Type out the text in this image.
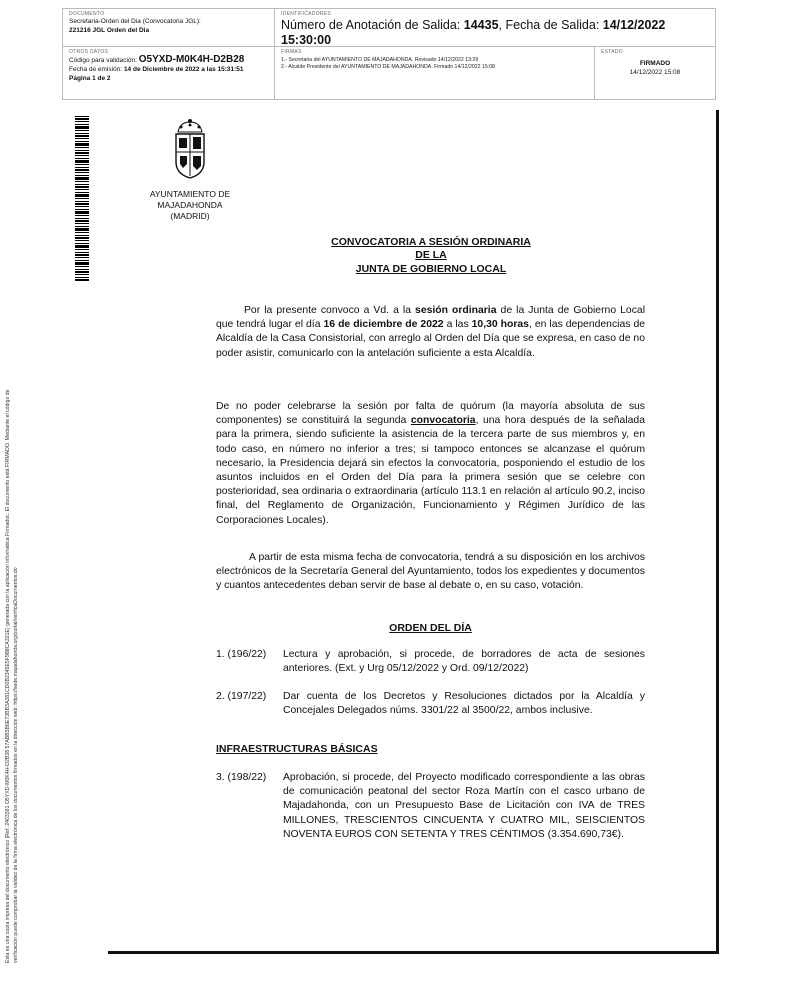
DOCUMENTO
Secretaria-Orden del Dia (Convocatoria JGL):
221216 JGL Orden del Dia
IDENTIFICADORES
Número de Anotación de Salida: 14435, Fecha de Salida: 14/12/2022 15:30:00
OTROS DATOS
Código para validación: O5YXD-M0K4H-D2B28
Fecha de emisión: 14 de Diciembre de 2022 a las 15:31:51
Página 1 de 2
FIRMAS
1.- Secretaria del AYUNTAMIENTO DE MAJADAHONDA. Revisado 14/12/2022 13:29
2.- Alcalde Presidente del AYUNTAMIENTO DE MAJADAHONDA. Firmado 14/12/2022 15:08
ESTADO
FIRMADO
14/12/2022 15:08
Esta es una copia impresa del documento electrónico (Ref: 2403391 O5YXD-M0K4H-D2B28 57ABB3B6E72BB3A281CD0B2345E5F988CA321E) generada con la aplicación informática Firmadoc. El documento está FIRMADO. Mediante el código de verificación puede comprobar la validez de la firma electrónica de los documentos firmados en la dirección web: https://sede.majadahonda.org/portal/verificaDocumentos.do
AYUNTAMIENTO DE
MAJADAHONDA
(MADRID)
CONVOCATORIA A SESIÓN ORDINARIA
DE LA
JUNTA DE GOBIERNO LOCAL
Por la presente convoco a Vd. a la sesión ordinaria de la Junta de Gobierno Local que tendrá lugar el día 16 de diciembre de 2022 a las 10,30 horas, en las dependencias de Alcaldía de la Casa Consistorial, con arreglo al Orden del Día que se expresa, en caso de no poder asistir, comunicarlo con la antelación suficiente a esta Alcaldía.
De no poder celebrarse la sesión por falta de quórum (la mayoría absoluta de sus componentes) se constituirá la segunda convocatoria, una hora después de la señalada para la primera, siendo suficiente la asistencia de la tercera parte de sus miembros y, en todo caso, en número no inferior a tres; si tampoco entonces se alcanzase el quórum necesario, la Presidencia dejará sin efectos la convocatoria, posponiendo el estudio de los asuntos incluidos en el Orden del Día para la primera sesión que se celebre con posterioridad, sea ordinaria o extraordinaria (artículo 113.1 en relación al artículo 90.2, inciso final, del Reglamento de Organización, Funcionamiento y Régimen Jurídico de las Corporaciones Locales).
A partir de esta misma fecha de convocatoria, tendrá a su disposición en los archivos electrónicos de la Secretaría General del Ayuntamiento, todos los expedientes y documentos y cuantos antecedentes deban servir de base al debate o, en su caso, votación.
ORDEN DEL DÍA
1. (196/22)	Lectura y aprobación, si procede, de borradores de acta de sesiones anteriores. (Ext. y Urg 05/12/2022 y Ord. 09/12/2022)
2. (197/22)	Dar cuenta de los Decretos y Resoluciones dictados por la Alcaldía y Concejales Delegados núms. 3301/22 al 3500/22, ambos inclusive.
INFRAESTRUCTURAS BÁSICAS
3. (198/22)	Aprobación, si procede, del Proyecto modificado correspondiente a las obras de comunicación peatonal del sector Roza Martín con el casco urbano de Majadahonda, con un Presupuesto Base de Licitación con IVA de TRES MILLONES, TRESCIENTOS CINCUENTA Y CUATRO MIL, SEISCIENTOS NOVENTA EUROS CON SETENTA Y TRES CÉNTIMOS (3.354.690,73€).
